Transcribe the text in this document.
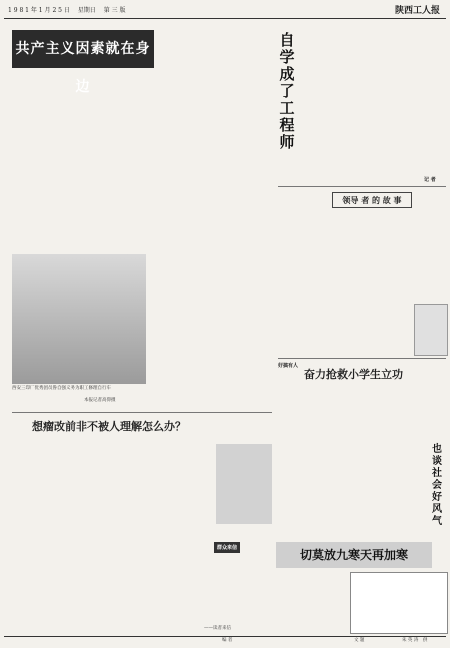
1 9 8 1 年 1 月 2 5 日　 星期日　 第 三 版	陕西工人报
共产主义因素就在身边
西安三印厂优秀团员鲁自强义务为职工修理自行车
本报记者高仰摄
自
学
成
了
工
程
师
记 者
领导 者 的 故 事
好搞有人
奋力抢救小学生立功
想瘤改前非不被人理解怎么办？
——读者来信
切莫放九寒天再加寒
群众来信
也
谈
社
会
好
风
气
编 者	文 题	朱 英 涛　供
